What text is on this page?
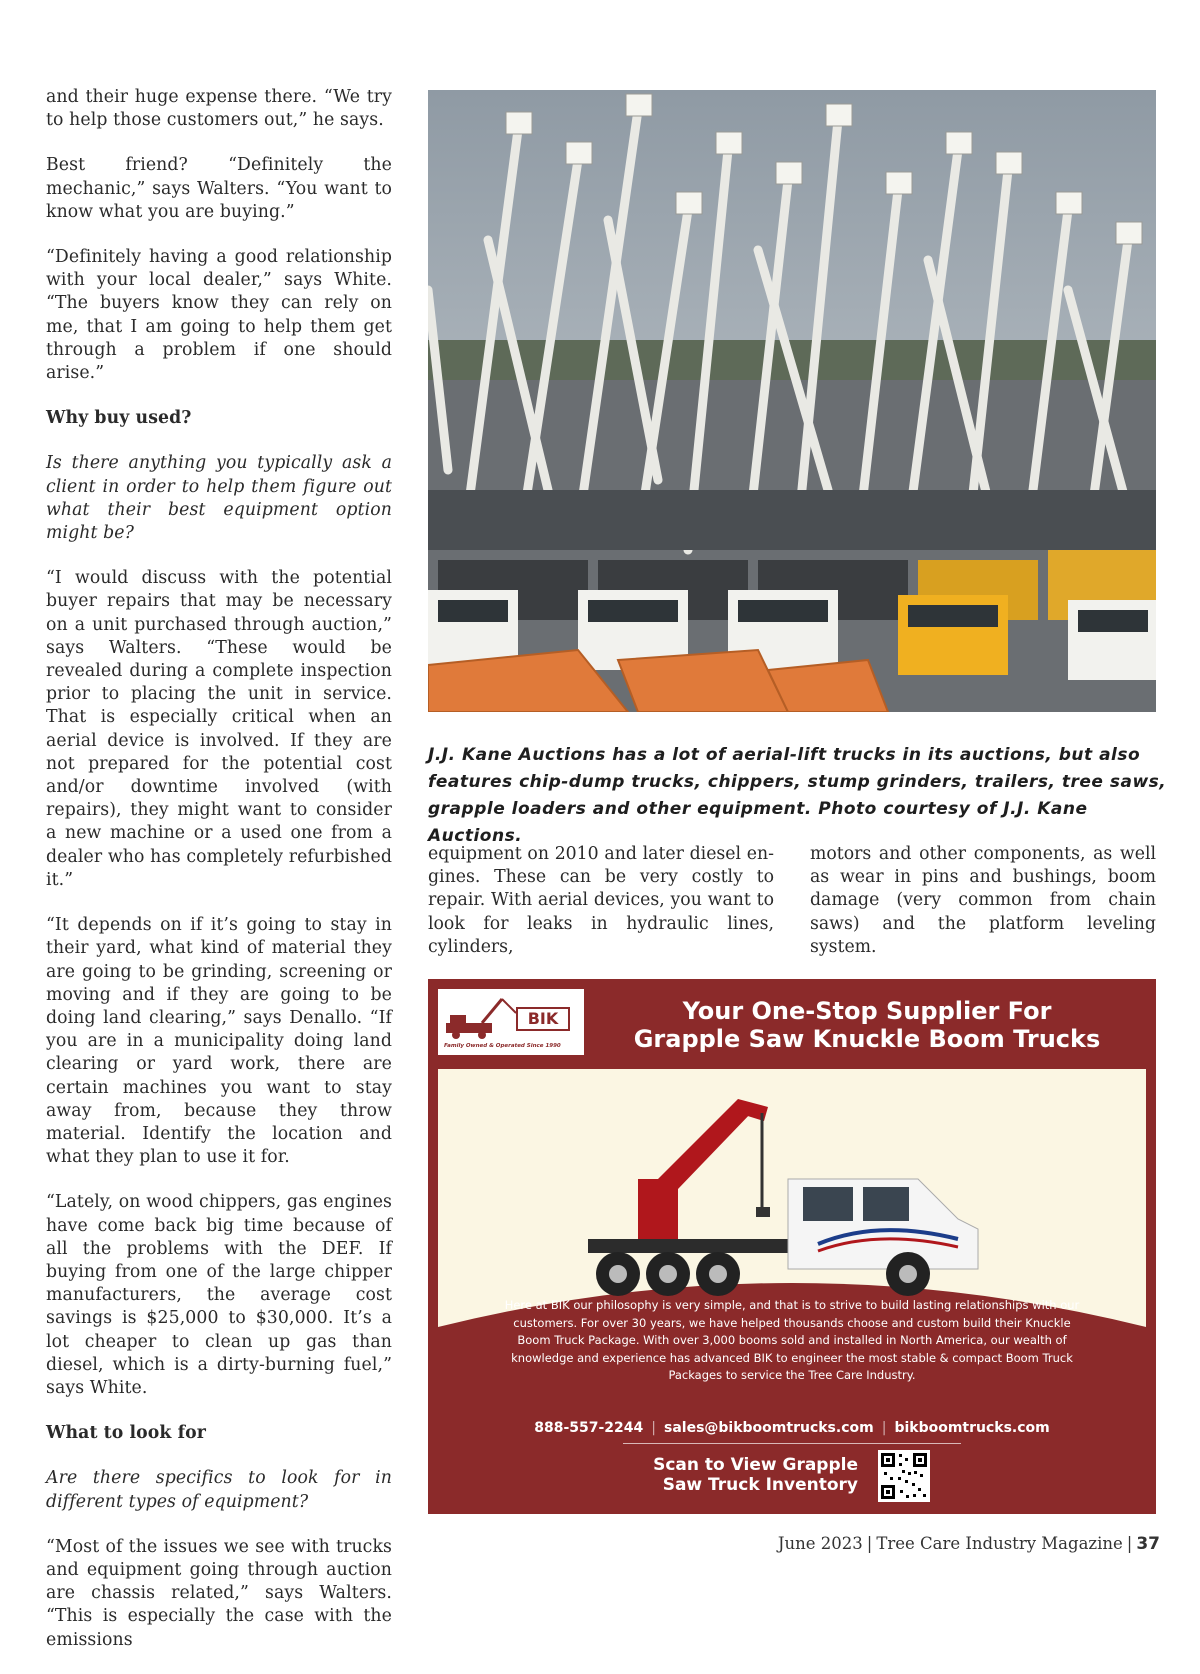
and their huge expense there. “We try to help those customers out,” he says.

Best friend? “Definitely the mechanic,” says Walters. “You want to know what you are buying.”

“Definitely having a good relationship with your local dealer,” says White. “The buyers know they can rely on me, that I am going to help them get through a problem if one should arise.”

Why buy used?

Is there anything you typically ask a client in order to help them figure out what their best equipment option might be?

“I would discuss with the potential buyer repairs that may be necessary on a unit purchased through auction,” says Walters. “These would be revealed during a complete inspection prior to placing the unit in service. That is especially critical when an aerial device is involved. If they are not prepared for the potential cost and/or downtime involved (with repairs), they might want to consider a new machine or a used one from a dealer who has completely refurbished it.”

“It depends on if it’s going to stay in their yard, what kind of material they are going to be grinding, screening or moving and if they are going to be doing land clearing,” says Denallo. “If you are in a municipality doing land clearing or yard work, there are certain machines you want to stay away from, because they throw material. Identify the location and what they plan to use it for.

“Lately, on wood chippers, gas engines have come back big time because of all the problems with the DEF. If buying from one of the large chipper manufacturers, the average cost savings is $25,000 to $30,000. It’s a lot cheaper to clean up gas than diesel, which is a dirty-burning fuel,” says White.

What to look for

Are there specifics to look for in different types of equipment?

“Most of the issues we see with trucks and equipment going through auction are chassis related,” says Walters. “This is especially the case with the emissions

J.J. Kane Auctions has a lot of aerial-lift trucks in its auctions, but also features chip-dump trucks, chippers, stump grinders, trailers, tree saws, grapple loaders and other equipment. Photo courtesy of J.J. Kane Auctions.

equipment on 2010 and later diesel engines. These can be very costly to repair. With aerial devices, you want to look for leaks in hydraulic lines, cylinders,

motors and other components, as well as wear in pins and bushings, boom damage (very common from chain saws) and the platform leveling system.

BIK
Family Owned & Operated Since 1990
Your One-Stop Supplier For
Grapple Saw Knuckle Boom Trucks

Here at BIK our philosophy is very simple, and that is to strive to build lasting relationships with our customers. For over 30 years, we have helped thousands choose and custom build their Knuckle Boom Truck Package. With over 3,000 booms sold and installed in North America, our wealth of knowledge and experience has advanced BIK to engineer the most stable & compact Boom Truck Packages to service the Tree Care Industry.

888-557-2244 | sales@bikboomtrucks.com | bikboomtrucks.com
Scan to View Grapple
Saw Truck Inventory
June 2023 | Tree Care Industry Magazine | 37
